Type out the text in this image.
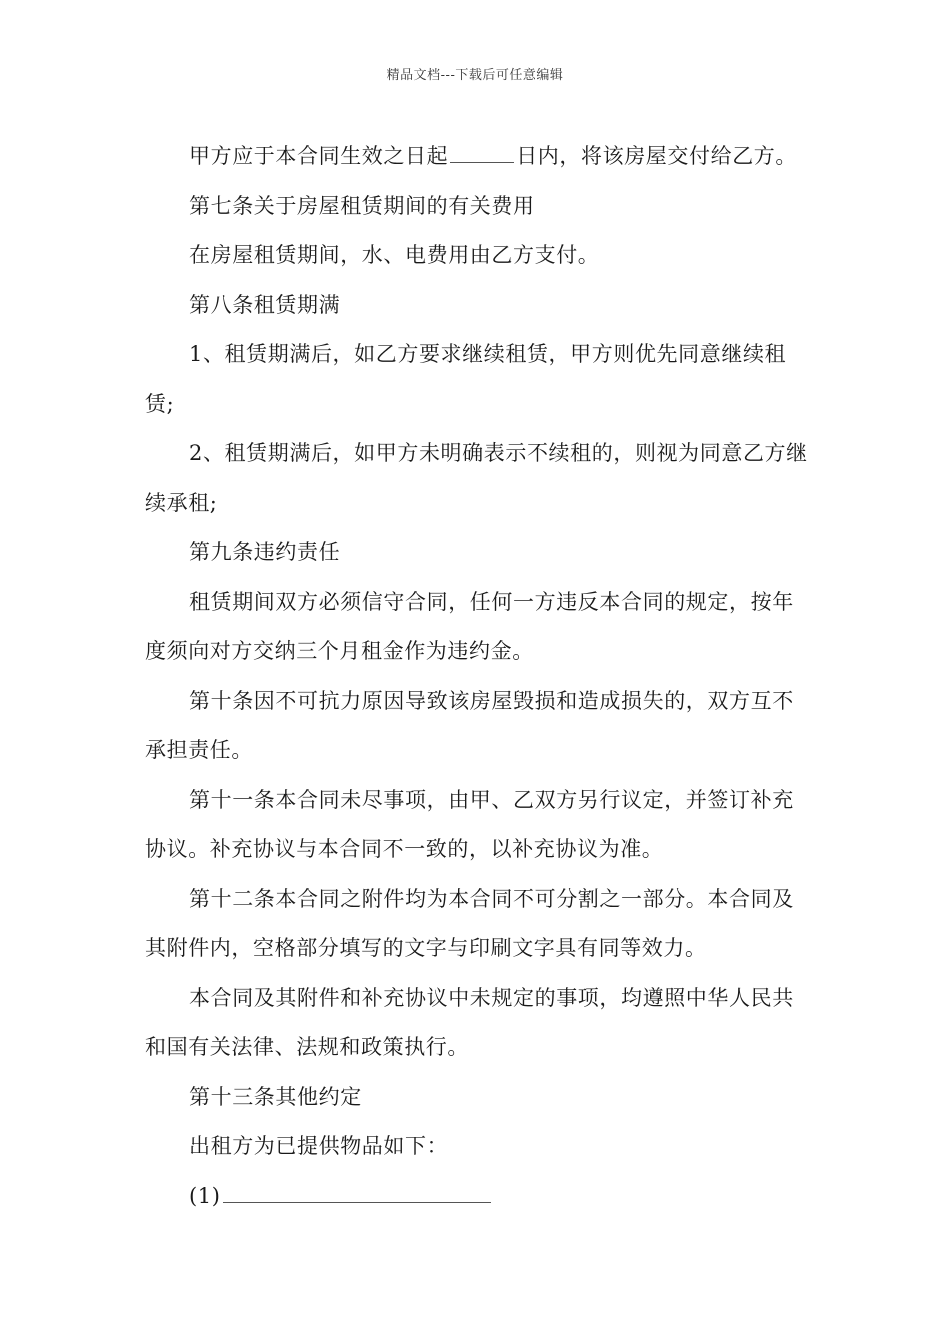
精品文档---下载后可任意编辑

甲方应于本合同生效之日起	日内，将该房屋交付给乙方。

第七条关于房屋租赁期间的有关费用

在房屋租赁期间，水、电费用由乙方支付。

第八条租赁期满

1、租赁期满后，如乙方要求继续租赁，甲方则优先同意继续租赁;

2、租赁期满后，如甲方未明确表示不续租的，则视为同意乙方继续承租;

第九条违约责任

租赁期间双方必须信守合同，任何一方违反本合同的规定，按年度须向对方交纳三个月租金作为违约金。

第十条因不可抗力原因导致该房屋毁损和造成损失的，双方互不承担责任。

第十一条本合同未尽事项，由甲、乙双方另行议定，并签订补充协议。补充协议与本合同不一致的，以补充协议为准。

第十二条本合同之附件均为本合同不可分割之一部分。本合同及其附件内，空格部分填写的文字与印刷文字具有同等效力。

本合同及其附件和补充协议中未规定的事项，均遵照中华人民共和国有关法律、法规和政策执行。

第十三条其他约定

出租方为已提供物品如下：

(1)
